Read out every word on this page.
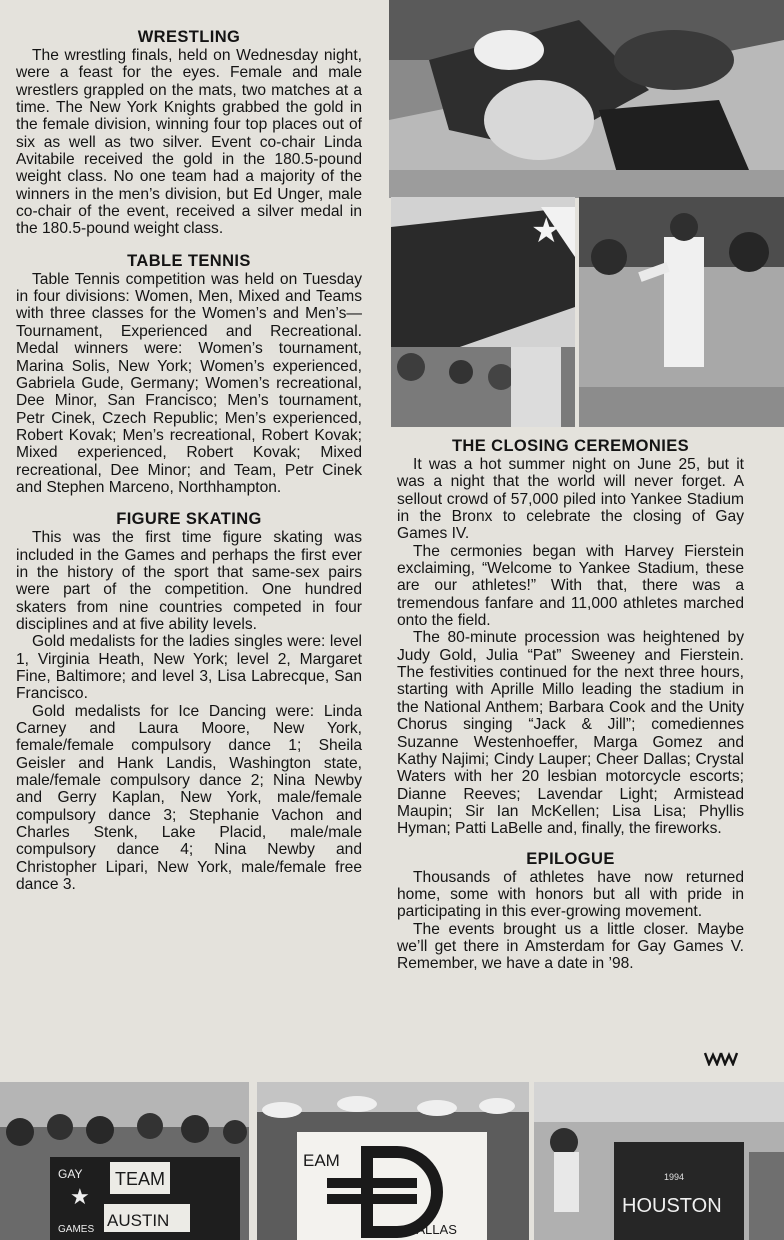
WRESTLING

The wrestling finals, held on Wednesday night, were a feast for the eyes. Female and male wrestlers grappled on the mats, two matches at a time. The New York Knights grabbed the gold in the female division, winning four top places out of six as well as two silver. Event co-chair Linda Avitabile received the gold in the 180.5-pound weight class. No one team had a majority of the winners in the men’s division, but Ed Unger, male co-chair of the event, received a silver medal in the 180.5-pound weight class.

TABLE TENNIS

Table Tennis competition was held on Tuesday in four divisions: Women, Men, Mixed and Teams with three classes for the Women’s and Men’s—Tournament, Experienced and Recreational. Medal winners were: Women’s tournament, Marina Solis, New York; Women’s experienced, Gabriela Gude, Germany; Women’s recreational, Dee Minor, San Francisco; Men’s tournament, Petr Cinek, Czech Republic; Men’s experienced, Robert Kovak; Men’s recreational, Robert Kovak; Mixed experienced, Robert Kovak; Mixed recreational, Dee Minor; and Team, Petr Cinek and Stephen Marceno, Northhampton.

FIGURE SKATING

This was the first time figure skating was included in the Games and perhaps the first ever in the history of the sport that same-sex pairs were part of the competition. One hundred skaters from nine countries competed in four disciplines and at five ability levels.

Gold medalists for the ladies singles were: level 1, Virginia Heath, New York; level 2, Margaret Fine, Baltimore; and level 3, Lisa Labrecque, San Francisco.

Gold medalists for Ice Dancing were: Linda Carney and Laura Moore, New York, female/female compulsory dance 1; Sheila Geisler and Hank Landis, Washington state, male/female compulsory dance 2; Nina Newby and Gerry Kaplan, New York, male/female compulsory dance 3; Stephanie Vachon and Charles Stenk, Lake Placid, male/male compulsory dance 4; Nina Newby and Christopher Lipari, New York, male/female free dance 3.

THE CLOSING CEREMONIES

It was a hot summer night on June 25, but it was a night that the world will never forget. A sellout crowd of 57,000 piled into Yankee Stadium in the Bronx to celebrate the closing of Gay Games IV.

The cermonies began with Harvey Fierstein exclaiming, “Welcome to Yankee Stadium, these are our athletes!” With that, there was a tremendous fanfare and 11,000 athletes marched onto the field.

The 80-minute procession was heightened by Judy Gold, Julia “Pat” Sweeney and Fierstein. The festivities continued for the next three hours, starting with Aprille Millo leading the stadium in the National Anthem; Barbara Cook and the Unity Chorus singing “Jack & Jill”; comediennes Suzanne Westenhoeffer, Marga Gomez and Kathy Najimi; Cindy Lauper; Cheer Dallas; Crystal Waters with her 20 lesbian motorcycle escorts; Dianne Reeves; Lavendar Light; Armistead Maupin; Sir Ian McKellen; Lisa Lisa; Phyllis Hyman; Patti LaBelle and, finally, the fireworks.

EPILOGUE

Thousands of athletes have now returned home, some with honors but all with pride in participating in this ever-growing movement.

The events brought us a little closer. Maybe we’ll get there in Amsterdam for Gay Games V. Remember, we have a date in ’98.

★
GAY TEAM
★
GAMES AUSTIN
EAM
DALLAS
1994
HOUSTON
